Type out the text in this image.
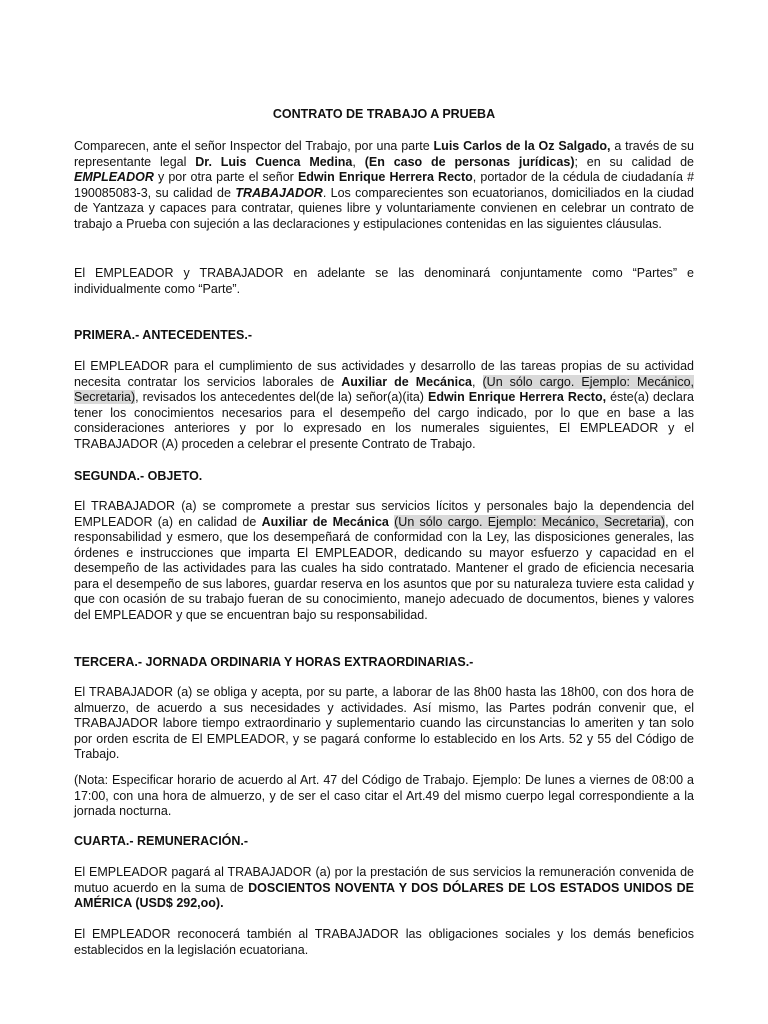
CONTRATO DE TRABAJO A PRUEBA

Comparecen, ante el señor Inspector del Trabajo, por una parte Luis Carlos de la Oz Salgado, a través de su representante legal Dr. Luis Cuenca Medina, (En caso de personas jurídicas); en su calidad de EMPLEADOR y por otra parte el señor Edwin Enrique Herrera Recto, portador de la cédula de ciudadanía # 190085083-3, su calidad de TRABAJADOR. Los comparecientes son ecuatorianos, domiciliados en la ciudad de Yantzaza y capaces para contratar, quienes libre y voluntariamente convienen en celebrar un contrato de trabajo a Prueba con sujeción a las declaraciones y estipulaciones contenidas en las siguientes cláusulas.

El EMPLEADOR y TRABAJADOR en adelante se las denominará conjuntamente como “Partes” e individualmente como “Parte”.

PRIMERA.- ANTECEDENTES.-

El EMPLEADOR para el cumplimiento de sus actividades y desarrollo de las tareas propias de su actividad necesita contratar los servicios laborales de Auxiliar de Mecánica, (Un sólo cargo. Ejemplo: Mecánico, Secretaria), revisados los antecedentes del(de la) señor(a)(ita) Edwin Enrique Herrera Recto, éste(a) declara tener los conocimientos necesarios para el desempeño del cargo indicado, por lo que en base a las consideraciones anteriores y por lo expresado en los numerales siguientes, El EMPLEADOR y el TRABAJADOR (A) proceden a celebrar el presente Contrato de Trabajo.

SEGUNDA.- OBJETO.

El TRABAJADOR (a) se compromete a prestar sus servicios lícitos y personales bajo la dependencia del EMPLEADOR (a) en calidad de Auxiliar de Mecánica (Un sólo cargo. Ejemplo: Mecánico, Secretaria), con responsabilidad y esmero, que los desempeñará de conformidad con la Ley, las disposiciones generales, las órdenes e instrucciones que imparta El EMPLEADOR, dedicando su mayor esfuerzo y capacidad en el desempeño de las actividades para las cuales ha sido contratado. Mantener el grado de eficiencia necesaria para el desempeño de sus labores, guardar reserva en los asuntos que por su naturaleza tuviere esta calidad y que con ocasión de su trabajo fueran de su conocimiento, manejo adecuado de documentos, bienes y valores del EMPLEADOR y que se encuentran bajo su responsabilidad.

TERCERA.- JORNADA ORDINARIA Y HORAS EXTRAORDINARIAS.-

El TRABAJADOR (a) se obliga y acepta, por su parte, a laborar de las 8h00 hasta las 18h00, con dos hora de almuerzo, de acuerdo a sus necesidades y actividades. Así mismo, las Partes podrán convenir que, el TRABAJADOR labore tiempo extraordinario y suplementario cuando las circunstancias lo ameriten y tan solo por orden escrita de El EMPLEADOR, y se pagará conforme lo establecido en los Arts. 52 y 55 del Código de Trabajo.

(Nota: Especificar horario de acuerdo al Art. 47 del Código de Trabajo. Ejemplo: De lunes a viernes de 08:00 a 17:00, con una hora de almuerzo, y de ser el caso citar el Art.49 del mismo cuerpo legal correspondiente a la jornada nocturna.

CUARTA.- REMUNERACIÓN.-

El EMPLEADOR pagará al TRABAJADOR (a) por la prestación de sus servicios la remuneración convenida de mutuo acuerdo en la suma de DOSCIENTOS NOVENTA Y DOS DÓLARES DE LOS ESTADOS UNIDOS DE AMÉRICA (USD$ 292,oo).

El EMPLEADOR reconocerá también al TRABAJADOR las obligaciones sociales y los demás beneficios establecidos en la legislación ecuatoriana.
